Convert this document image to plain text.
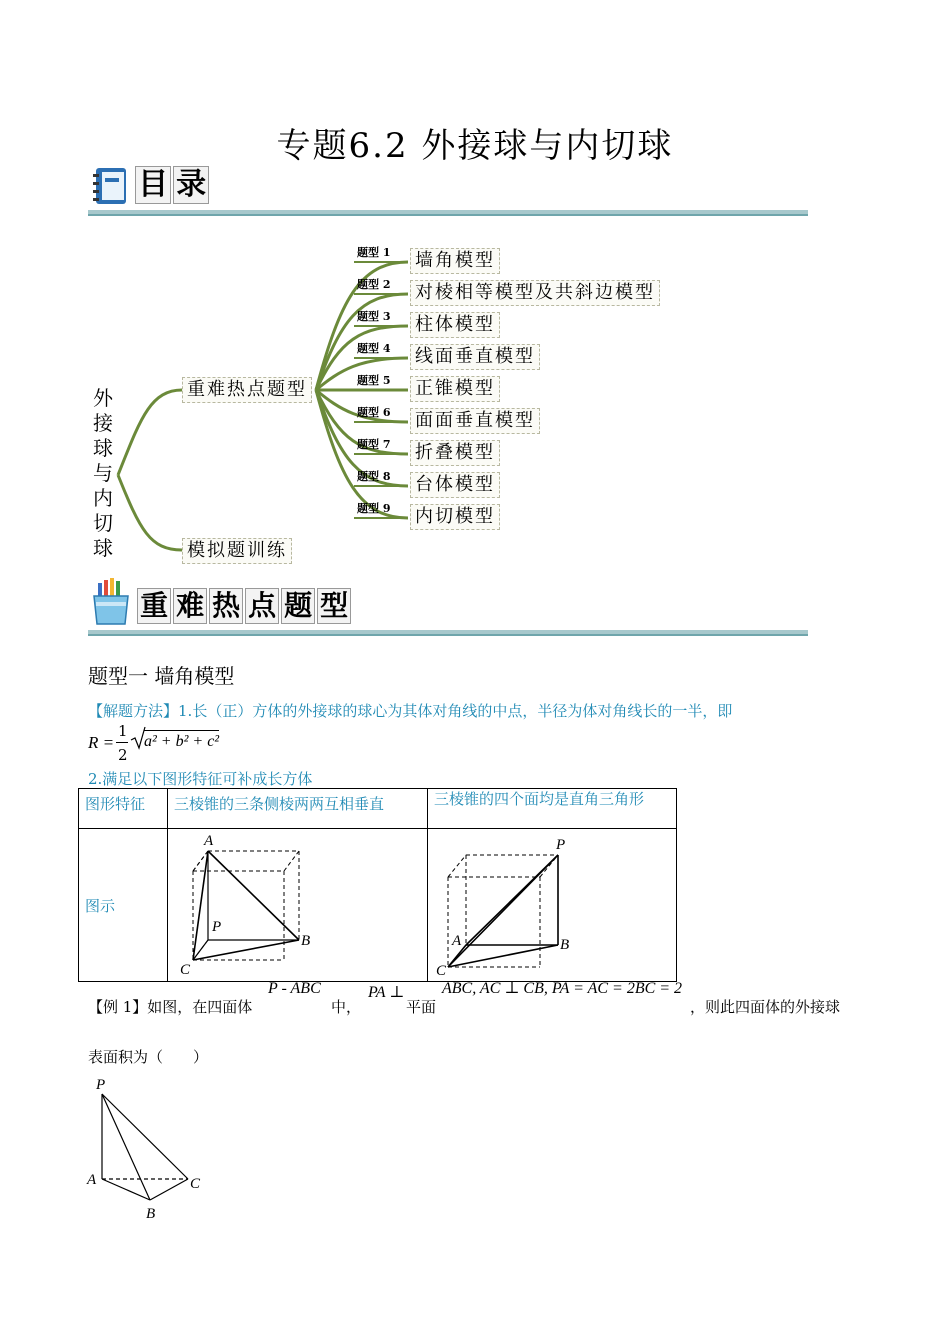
专题6.2 外接球与内切球
目 录
外
接
球
与
内
切
球
重难热点题型
模拟题训练
题型 1 墙角模型
题型 2 对棱相等模型及共斜边模型
题型 3 柱体模型
题型 4 线面垂直模型
题型 5 正锥模型
题型 6 面面垂直模型
题型 7 折叠模型
题型 8 台体模型
题型 9 内切模型
重 难 热 点 题 型
题型一 墙角模型
【解题方法】1.长（正）方体的外接球的球心为其体对角线的中点，半径为体对角线长的一半，即
R =
1
2
a² + b² + c²
2.满足以下图形特征可补成长方体
图形特征	三棱锥的三条侧棱两两互相垂直	三棱锥的四个面均是直角三角形
图示	A
P
B
C	P
A B
C
【例 1】如图，在四面体
P - ABC
中，
PA ⊥
平面
ABC, AC ⊥ CB, PA = AC = 2BC = 2
，则此四面体的外接球
表面积为（　　）
P
A	C
B
